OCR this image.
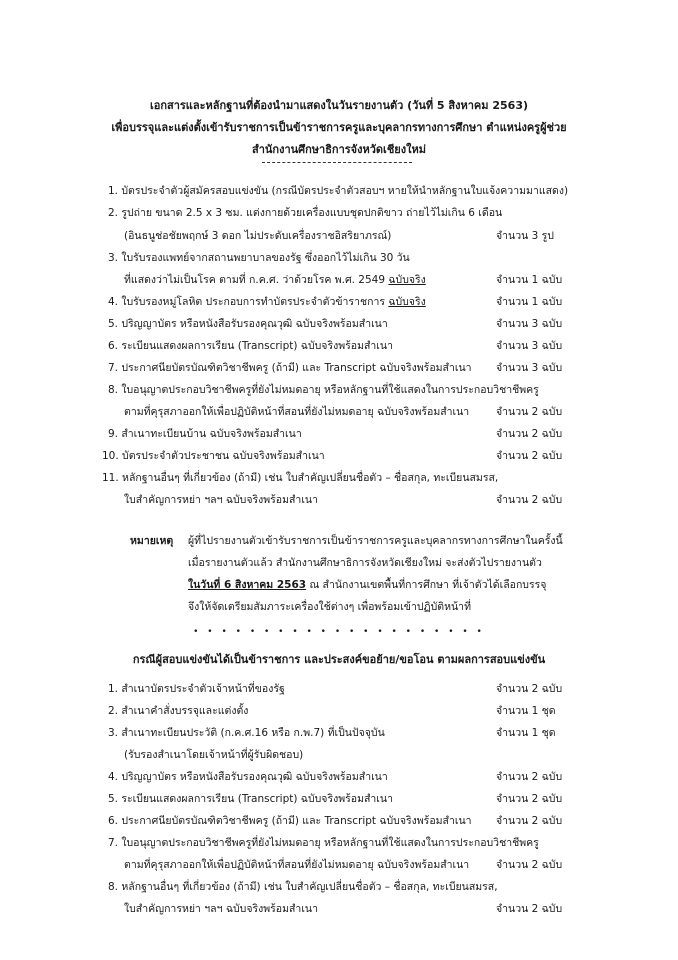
เอกสารและหลักฐานที่ต้องนำมาแสดงในวันรายงานตัว (วันที่ 5 สิงหาคม 2563)
เพื่อบรรจุและแต่งตั้งเข้ารับราชการเป็นข้าราชการครูและบุคลากรทางการศึกษา ตำแหน่งครูผู้ช่วย
สำนักงานศึกษาธิการจังหวัดเชียงใหม่
1. บัตรประจำตัวผู้สมัครสอบแข่งขัน (กรณีบัตรประจำตัวสอบฯ หายให้นำหลักฐานใบแจ้งความมาแสดง)
2. รูปถ่าย ขนาด 2.5 x 3 ซม. แต่งกายด้วยเครื่องแบบชุดปกติขาว ถ่ายไว้ไม่เกิน 6 เดือน
(อินธนูช่อชัยพฤกษ์ 3 ดอก ไม่ประดับเครื่องราชอิสริยาภรณ์)	จำนวน 3 รูป
3. ใบรับรองแพทย์จากสถานพยาบาลของรัฐ ซึ่งออกไว้ไม่เกิน 30 วัน
ที่แสดงว่าไม่เป็นโรค ตามที่ ก.ค.ศ. ว่าด้วยโรค พ.ศ. 2549 ฉบับจริง	จำนวน 1 ฉบับ
4. ใบรับรองหมู่โลหิต ประกอบการทำบัตรประจำตัวข้าราชการ ฉบับจริง	จำนวน 1 ฉบับ
5. ปริญญาบัตร หรือหนังสือรับรองคุณวุฒิ ฉบับจริงพร้อมสำเนา	จำนวน 3 ฉบับ
6. ระเบียนแสดงผลการเรียน (Transcript) ฉบับจริงพร้อมสำเนา	จำนวน 3 ฉบับ
7. ประกาศนียบัตรบัณฑิตวิชาชีพครู (ถ้ามี) และ Transcript ฉบับจริงพร้อมสำเนา จำนวน 3 ฉบับ
8. ใบอนุญาตประกอบวิชาชีพครูที่ยังไม่หมดอายุ หรือหลักฐานที่ใช้แสดงในการประกอบวิชาชีพครู
ตามที่คุรุสภาออกให้เพื่อปฏิบัติหน้าที่สอนที่ยังไม่หมดอายุ ฉบับจริงพร้อมสำเนา	จำนวน 2 ฉบับ
9. สำเนาทะเบียนบ้าน ฉบับจริงพร้อมสำเนา	จำนวน 2 ฉบับ
10. บัตรประจำตัวประชาชน ฉบับจริงพร้อมสำเนา	จำนวน 2 ฉบับ
11. หลักฐานอื่นๆ ที่เกี่ยวข้อง (ถ้ามี) เช่น ใบสำคัญเปลี่ยนชื่อตัว – ชื่อสกุล, ทะเบียนสมรส,
ใบสำคัญการหย่า ฯลฯ ฉบับจริงพร้อมสำเนา	จำนวน 2 ฉบับ
หมายเหตุ ผู้ที่ไปรายงานตัวเข้ารับราชการเป็นข้าราชการครูและบุคลากรทางการศึกษาในครั้งนี้
เมื่อรายงานตัวแล้ว สำนักงานศึกษาธิการจังหวัดเชียงใหม่ จะส่งตัวไปรายงานตัว
ในวันที่ 6 สิงหาคม 2563 ณ สำนักงานเขตพื้นที่การศึกษา ที่เจ้าตัวได้เลือกบรรจุ
จึงให้จัดเตรียมสัมภาระเครื่องใช้ต่างๆ เพื่อพร้อมเข้าปฏิบัติหน้าที่
• • • • • • • • • • • • • • • • • • • • •
กรณีผู้สอบแข่งขันได้เป็นข้าราชการ และประสงค์ขอย้าย/ขอโอน ตามผลการสอบแข่งขัน
1. สำเนาบัตรประจำตัวเจ้าหน้าที่ของรัฐ	จำนวน 2 ฉบับ
2. สำเนาคำสั่งบรรจุและแต่งตั้ง	จำนวน 1 ชุด
3. สำเนาทะเบียนประวัติ (ก.ค.ศ.16 หรือ ก.พ.7) ที่เป็นปัจจุบัน	จำนวน 1 ชุด
(รับรองสำเนาโดยเจ้าหน้าที่ผู้รับผิดชอบ)
4. ปริญญาบัตร หรือหนังสือรับรองคุณวุฒิ ฉบับจริงพร้อมสำเนา	จำนวน 2 ฉบับ
5. ระเบียนแสดงผลการเรียน (Transcript) ฉบับจริงพร้อมสำเนา	จำนวน 2 ฉบับ
6. ประกาศนียบัตรบัณฑิตวิชาชีพครู (ถ้ามี) และ Transcript ฉบับจริงพร้อมสำเนา จำนวน 2 ฉบับ
7. ใบอนุญาตประกอบวิชาชีพครูที่ยังไม่หมดอายุ หรือหลักฐานที่ใช้แสดงในการประกอบวิชาชีพครู
ตามที่คุรุสภาออกให้เพื่อปฏิบัติหน้าที่สอนที่ยังไม่หมดอายุ ฉบับจริงพร้อมสำเนา	จำนวน 2 ฉบับ
8. หลักฐานอื่นๆ ที่เกี่ยวข้อง (ถ้ามี) เช่น ใบสำคัญเปลี่ยนชื่อตัว – ชื่อสกุล, ทะเบียนสมรส,
ใบสำคัญการหย่า ฯลฯ ฉบับจริงพร้อมสำเนา	จำนวน 2 ฉบับ
